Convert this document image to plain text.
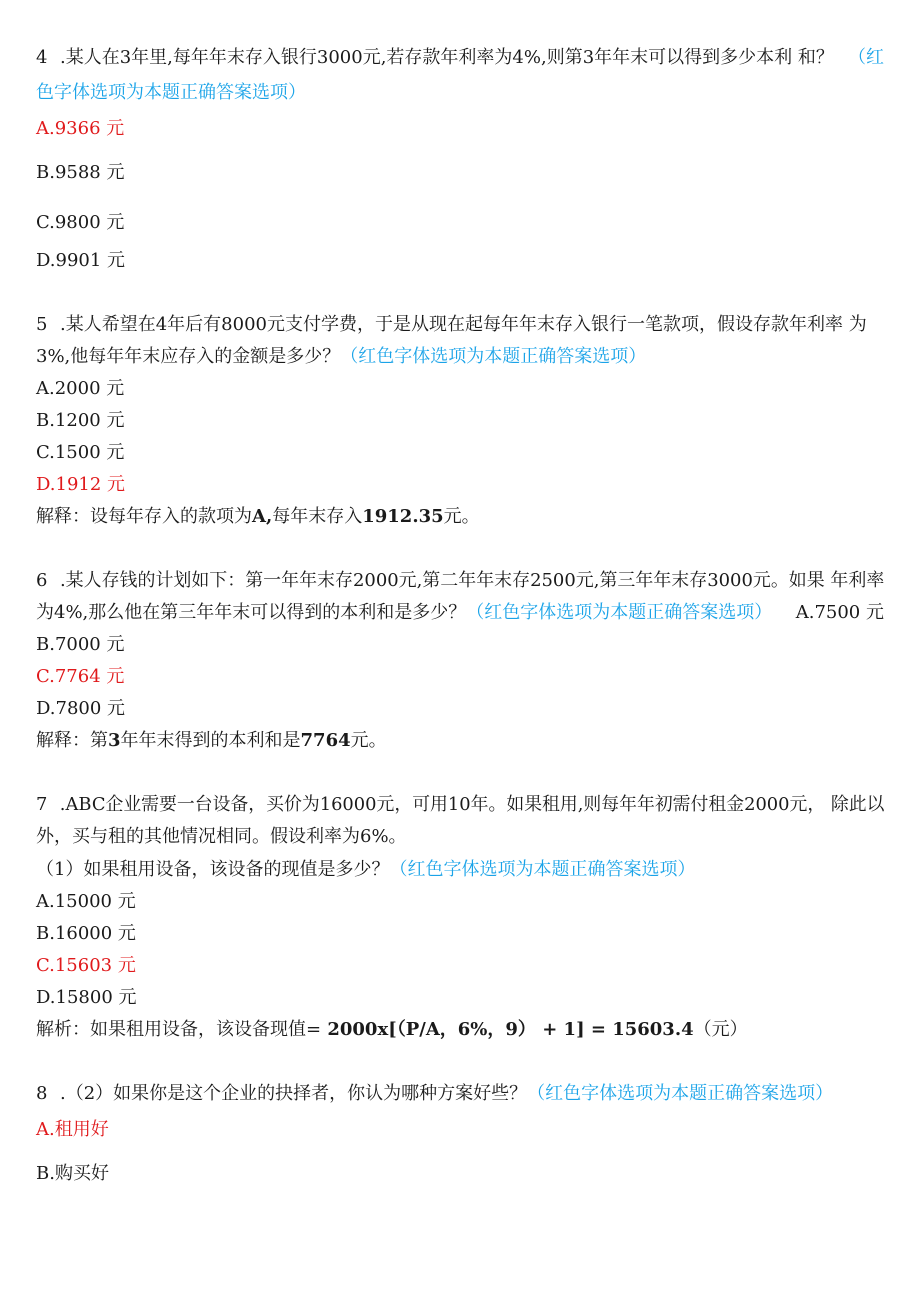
4 .某人在3年里,每年年末存入银行3000元,若存款年利率为4%,则第3年年末可以得到多少本利 和？ （红
色字体选项为本题正确答案选项）
A.9366 元
B.9588 元
C.9800 元
D.9901 元
5 .某人希望在4年后有8000元支付学费，于是从现在起每年年末存入银行一笔款项，假设存款年利率 为
3%,他每年年末应存入的金额是多少？（红色字体选项为本题正确答案选项）
A.2000 元
B.1200 元
C.1500 元
D.1912 元
解释：设每年存入的款项为A,每年末存入1912.35元。
6 .某人存钱的计划如下：第一年年末存2000元,第二年年末存2500元,第三年年末存3000元。如果 年利率
为4%,那么他在第三年年末可以得到的本利和是多少？（红色字体选项为本题正确答案选项） A.7500 元
B.7000 元
C.7764 元
D.7800 元
解释：第3年年末得到的本利和是7764元。
7 .ABC企业需要一台设备，买价为16000元，可用10年。如果租用,则每年年初需付租金2000元， 除此以
外，买与租的其他情况相同。假设利率为6%。
（1）如果租用设备，该设备的现值是多少？（红色字体选项为本题正确答案选项）
A.15000 元
B.16000 元
C.15603 元
D.15800 元
解析：如果租用设备，该设备现值= 2000x[（P/A，6%，9） + 1] = 15603.4（元）
8 .（2）如果你是这个企业的抉择者，你认为哪种方案好些？（红色字体选项为本题正确答案选项）
A.租用好
B.购买好
